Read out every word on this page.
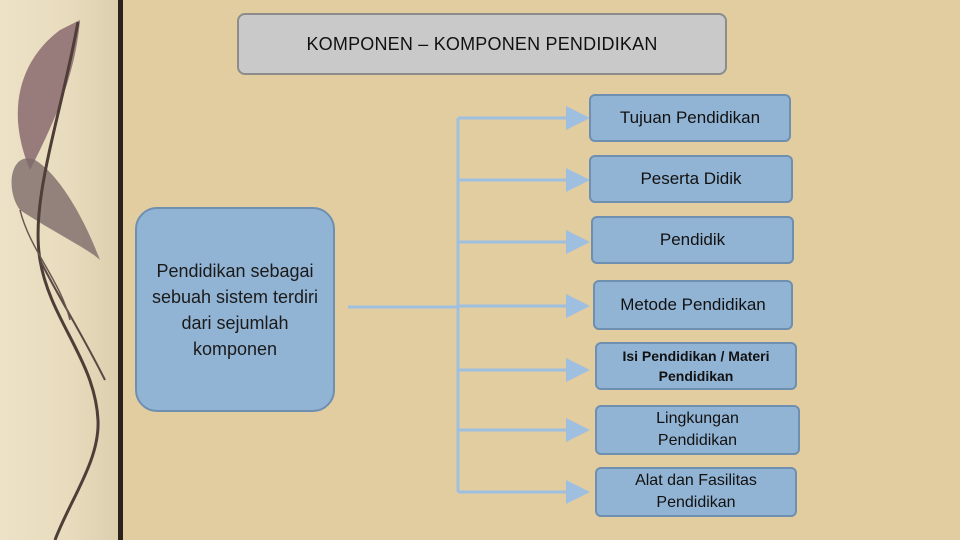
KOMPONEN – KOMPONEN PENDIDIKAN
Pendidikan sebagai sebuah sistem terdiri dari sejumlah komponen
Tujuan Pendidikan
Peserta Didik
Pendidik
Metode Pendidikan
Isi Pendidikan / Materi Pendidikan
Lingkungan Pendidikan
Alat dan Fasilitas Pendidikan
